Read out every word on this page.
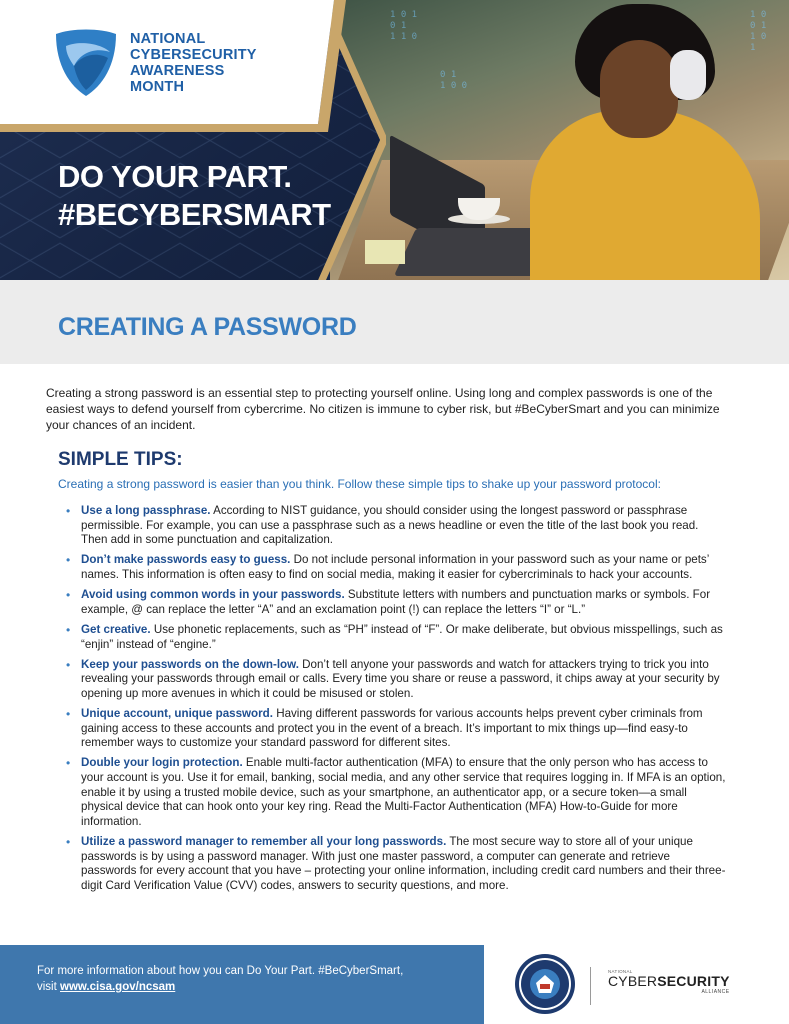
1 0 1
0 1
1 1 0
0 1
1 0 0
1 0
0 1
1 0
1
NATIONAL
CYBERSECURITY
AWARENESS
MONTH
DO YOUR PART.
#BECYBERSMART
CREATING A PASSWORD

Creating a strong password is an essential step to protecting yourself online. Using long and complex passwords is one of the easiest ways to defend yourself from cybercrime. No citizen is immune to cyber risk, but #BeCyberSmart and you can minimize your chances of an incident.

SIMPLE TIPS:

Creating a strong password is easier than you think. Follow these simple tips to shake up your password protocol:

• Use a long passphrase. According to NIST guidance, you should consider using the longest password or passphrase permissible. For example, you can use a passphrase such as a news headline or even the title of the last book you read. Then add in some punctuation and capitalization.
• Don’t make passwords easy to guess. Do not include personal information in your password such as your name or pets’ names. This information is often easy to find on social media, making it easier for cybercriminals to hack your accounts.
• Avoid using common words in your passwords. Substitute letters with numbers and punctuation marks or symbols. For example, @ can replace the letter “A” and an exclamation point (!) can replace the letters “I” or “L.”
• Get creative. Use phonetic replacements, such as “PH” instead of “F”. Or make deliberate, but obvious misspellings, such as “enjin” instead of “engine.”
• Keep your passwords on the down-low. Don’t tell anyone your passwords and watch for attackers trying to trick you into revealing your passwords through email or calls. Every time you share or reuse a password, it chips away at your security by opening up more avenues in which it could be misused or stolen.
• Unique account, unique password. Having different passwords for various accounts helps prevent cyber criminals from gaining access to these accounts and protect you in the event of a breach. It’s important to mix things up—find easy-to remember ways to customize your standard password for different sites.
• Double your login protection. Enable multi-factor authentication (MFA) to ensure that the only person who has access to your account is you. Use it for email, banking, social media, and any other service that requires logging in. If MFA is an option, enable it by using a trusted mobile device, such as your smartphone, an authenticator app, or a secure token—a small physical device that can hook onto your key ring. Read the Multi-Factor Authentication (MFA) How-to-Guide for more information.
• Utilize a password manager to remember all your long passwords. The most secure way to store all of your unique passwords is by using a password manager. With just one master password, a computer can generate and retrieve passwords for every account that you have – protecting your online information, including credit card numbers and their three-digit Card Verification Value (CVV) codes, answers to security questions, and more.
For more information about how you can Do Your Part. #BeCyberSmart,
visit www.cisa.gov/ncsam
NATIONAL
CYBERSECURITY
ALLIANCE
